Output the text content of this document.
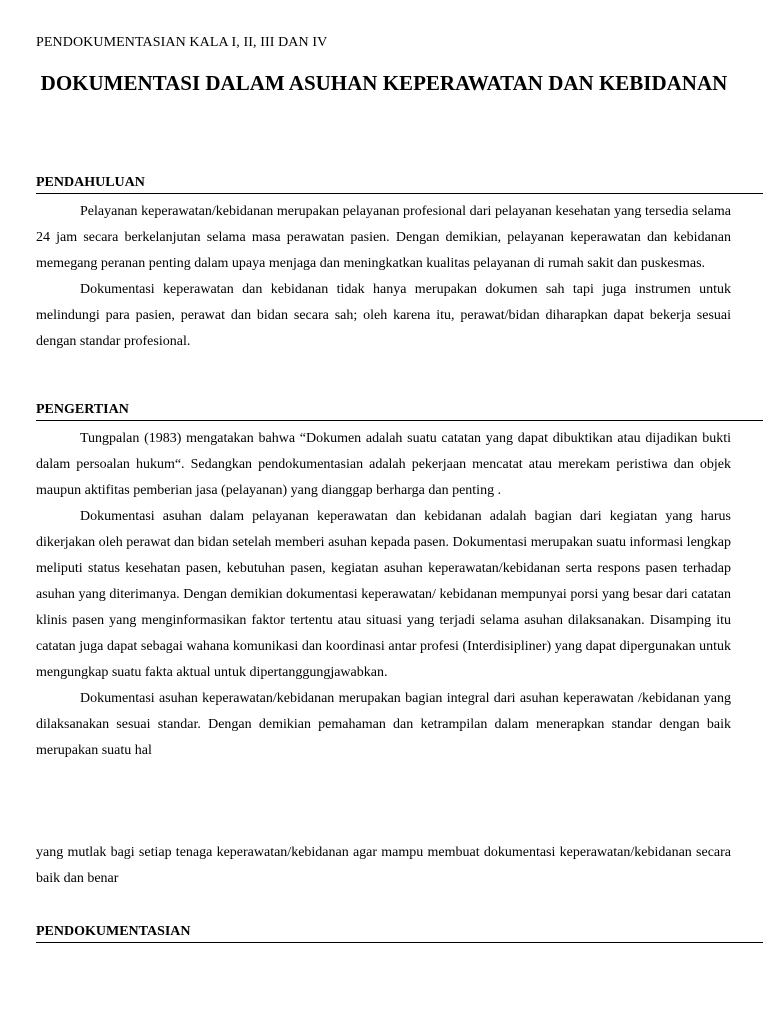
PENDOKUMENTASIAN KALA I, II, III DAN IV
DOKUMENTASI DALAM ASUHAN KEPERAWATAN DAN KEBIDANAN
PENDAHULUAN

Pelayanan keperawatan/kebidanan merupakan pelayanan profesional dari pelayanan kesehatan yang tersedia selama 24 jam secara berkelanjutan selama masa perawatan pasien. Dengan demikian, pelayanan keperawatan dan kebidanan memegang peranan penting dalam upaya menjaga dan meningkatkan kualitas pelayanan di rumah sakit dan puskesmas.

Dokumentasi keperawatan dan kebidanan tidak hanya merupakan dokumen sah tapi juga instrumen untuk melindungi para pasien, perawat dan bidan secara sah; oleh karena itu, perawat/bidan diharapkan dapat bekerja sesuai dengan standar profesional.

PENGERTIAN

Tungpalan (1983) mengatakan bahwa “Dokumen adalah suatu catatan yang dapat dibuktikan atau dijadikan bukti dalam persoalan hukum“. Sedangkan pendokumentasian adalah pekerjaan mencatat atau merekam peristiwa dan objek maupun aktifitas pemberian jasa (pelayanan) yang dianggap berharga dan penting .

Dokumentasi asuhan dalam pelayanan keperawatan dan kebidanan adalah bagian dari kegiatan yang harus dikerjakan oleh perawat dan bidan setelah memberi asuhan kepada pasen. Dokumentasi merupakan suatu informasi lengkap meliputi status kesehatan pasen, kebutuhan pasen, kegiatan asuhan keperawatan/kebidanan serta respons pasen terhadap asuhan yang diterimanya. Dengan demikian dokumentasi keperawatan/ kebidanan mempunyai porsi yang besar dari catatan klinis pasen yang menginformasikan faktor tertentu atau situasi yang terjadi selama asuhan dilaksanakan. Disamping itu catatan juga dapat sebagai wahana komunikasi dan koordinasi antar profesi (Interdisipliner) yang dapat dipergunakan untuk mengungkap suatu fakta aktual untuk dipertanggungjawabkan.

Dokumentasi asuhan keperawatan/kebidanan merupakan bagian integral dari asuhan keperawatan /kebidanan yang dilaksanakan sesuai standar. Dengan demikian pemahaman dan ketrampilan dalam menerapkan standar dengan baik merupakan suatu hal

yang mutlak bagi setiap tenaga keperawatan/kebidanan agar mampu membuat dokumentasi keperawatan/kebidanan secara baik dan benar

PENDOKUMENTASIAN
